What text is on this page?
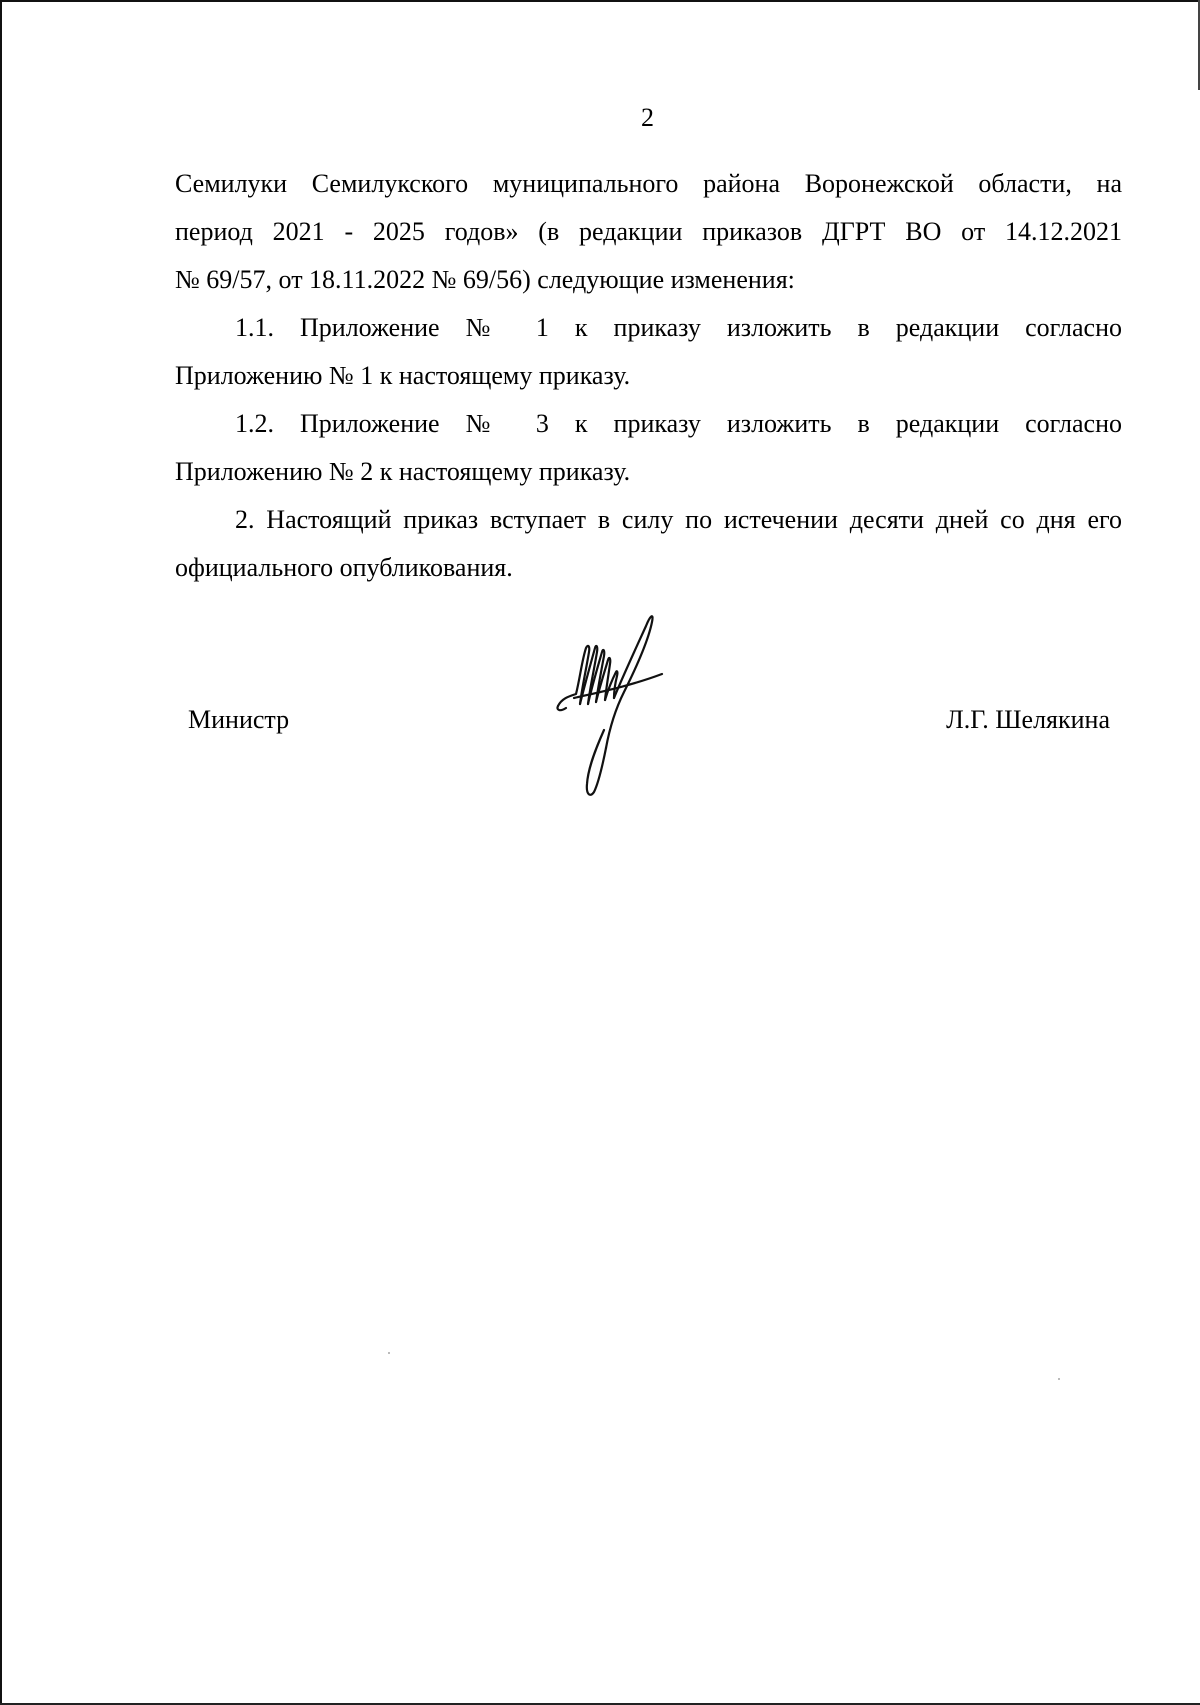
2

Семилуки Семилукского муниципального района Воронежской области, на
период 2021 - 2025 годов» (в редакции приказов ДГРТ ВО от 14.12.2021
№ 69/57, от 18.11.2022 № 69/56) следующие изменения:

1.1. Приложение № 1 к приказу изложить в редакции согласно
Приложению № 1 к настоящему приказу.

1.2. Приложение № 3 к приказу изложить в редакции согласно
Приложению № 2 к настоящему приказу.

2. Настоящий приказ вступает в силу по истечении десяти дней со дня его
официального опубликования.

Министр	Л.Г. Шелякина
